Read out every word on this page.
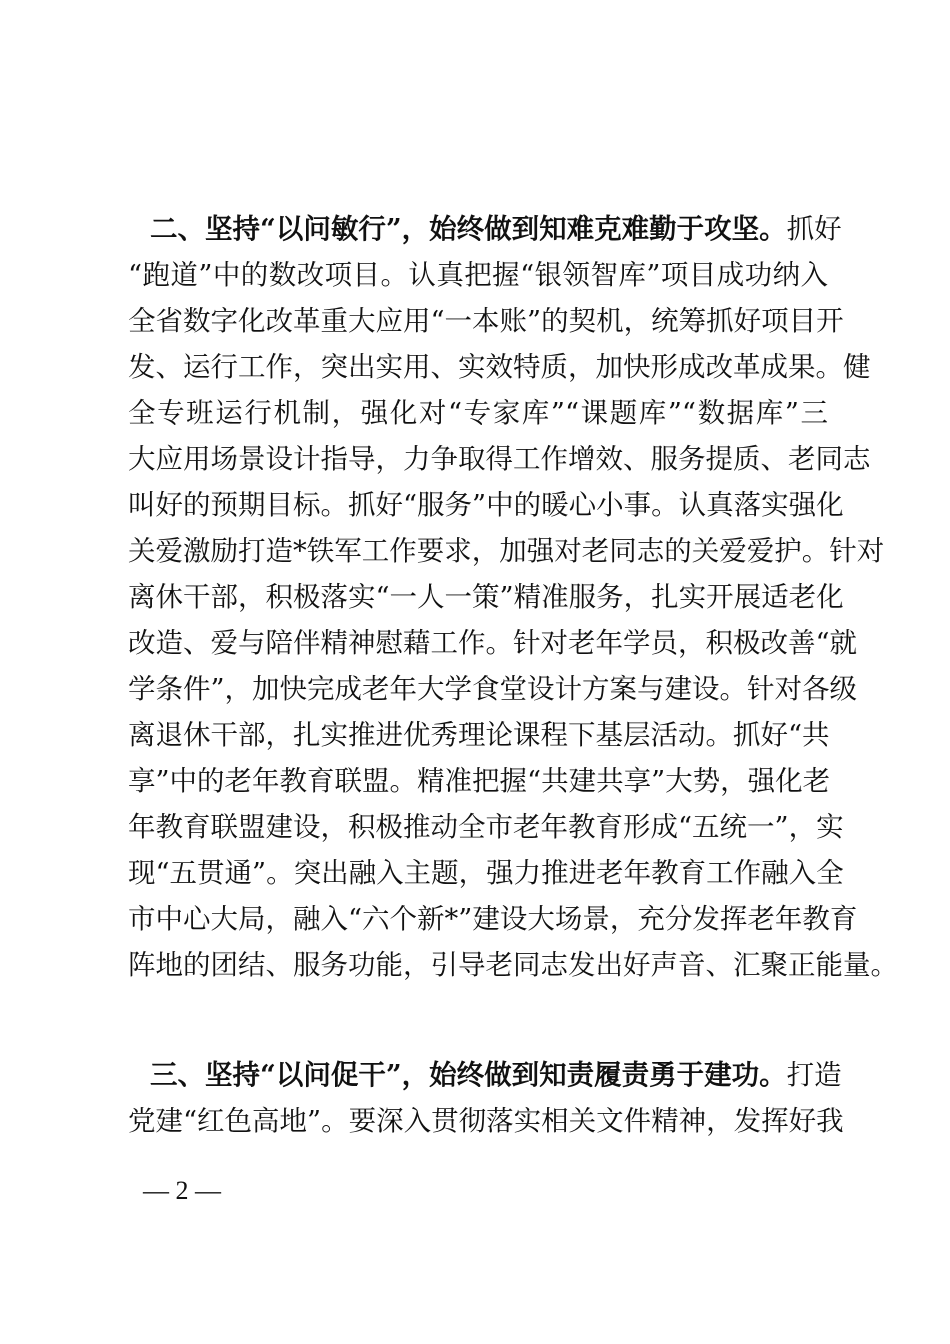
二、坚持“以问敏行”，始终做到知难克难勤于攻坚。抓好
“跑道”中的数改项目。认真把握“银领智库”项目成功纳入
全省数字化改革重大应用“一本账”的契机，统筹抓好项目开
发、运行工作，突出实用、实效特质，加快形成改革成果。健
全专班运行机制，强化对“专家库”“课题库”“数据库”三
大应用场景设计指导，力争取得工作增效、服务提质、老同志
叫好的预期目标。抓好“服务”中的暖心小事。认真落实强化
关爱激励打造*铁军工作要求，加强对老同志的关爱爱护。针对
离休干部，积极落实“一人一策”精准服务，扎实开展适老化
改造、爱与陪伴精神慰藉工作。针对老年学员，积极改善“就
学条件”，加快完成老年大学食堂设计方案与建设。针对各级
离退休干部，扎实推进优秀理论课程下基层活动。抓好“共
享”中的老年教育联盟。精准把握“共建共享”大势，强化老
年教育联盟建设，积极推动全市老年教育形成“五统一”，实
现“五贯通”。突出融入主题，强力推进老年教育工作融入全
市中心大局，融入“六个新*”建设大场景，充分发挥老年教育
阵地的团结、服务功能，引导老同志发出好声音、汇聚正能量。
三、坚持“以问促干”，始终做到知责履责勇于建功。打造
党建“红色高地”。要深入贯彻落实相关文件精神，发挥好我
— 2 —
